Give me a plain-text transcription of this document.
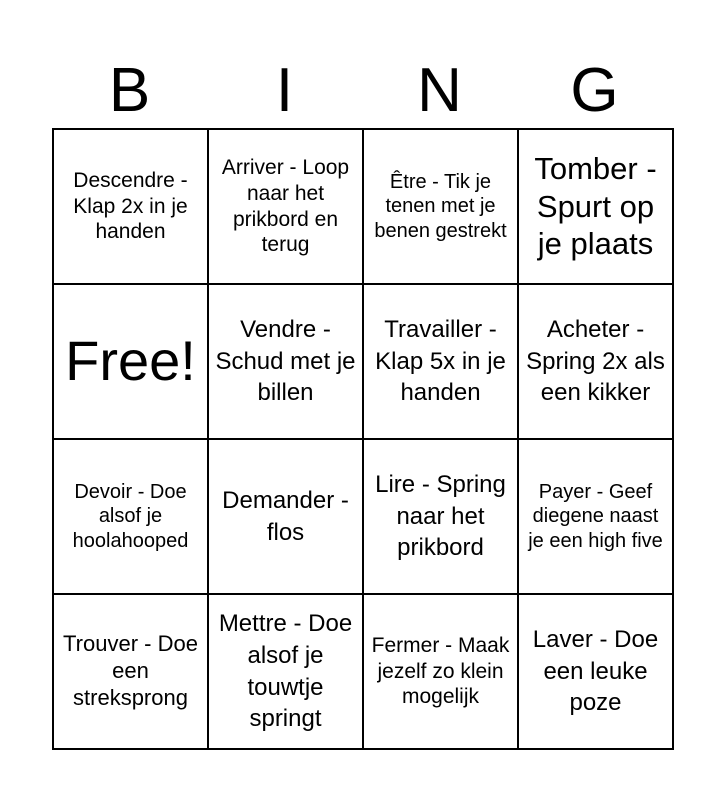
B	I	N	G
Descendre - Klap 2x in je handen
Arriver - Loop naar het prikbord en terug
Être - Tik je tenen met je benen gestrekt
Tomber - Spurt op je plaats
Free!	Vendre - Schud met je billen
Travailler - Klap 5x in je handen
Acheter - Spring 2x als een kikker
Devoir - Doe alsof je hoolahooped
Demander - flos
Lire - Spring naar het prikbord
Payer - Geef diegene naast je een high five
Trouver - Doe een streksprong
Mettre - Doe alsof je touwtje springt
Fermer - Maak jezelf zo klein mogelijk
Laver - Doe een leuke poze
